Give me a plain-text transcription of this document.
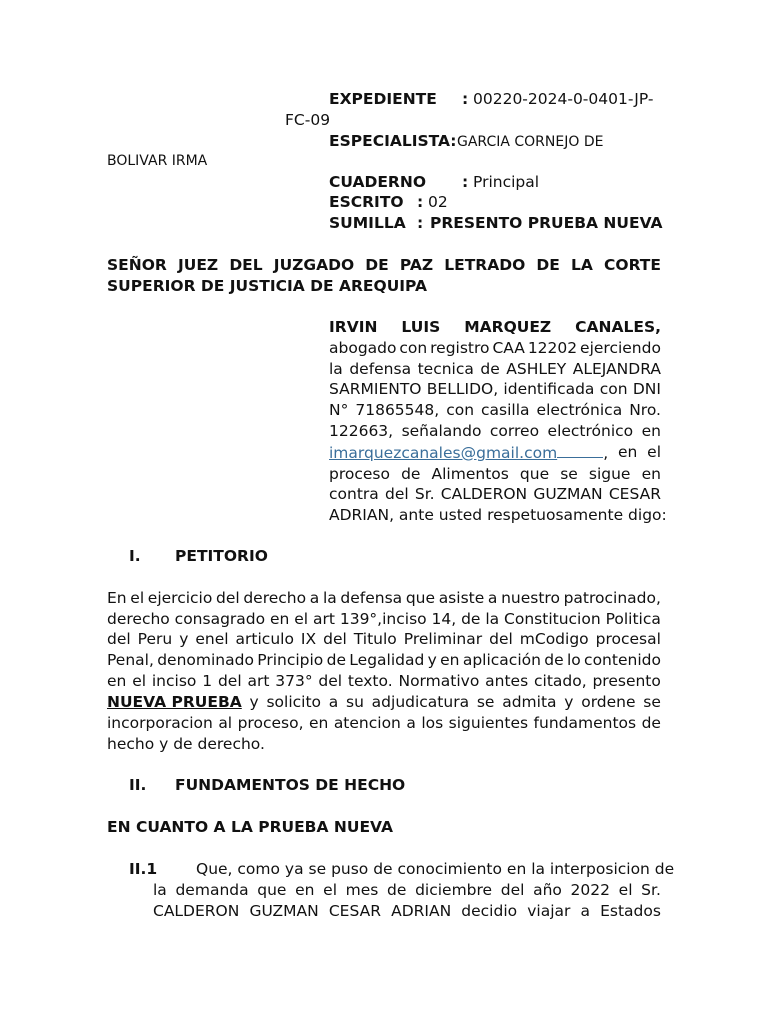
EXPEDIENTE : 00220-2024-0-0401-JP-
FC-09
ESPECIALISTA: GARCIA CORNEJO DE
BOLIVAR IRMA
CUADERNO : Principal
ESCRITO : 02
SUMILLA : PRESENTO PRUEBA NUEVA
SEÑOR JUEZ DEL JUZGADO DE PAZ LETRADO DE LA CORTE
SUPERIOR DE JUSTICIA DE AREQUIPA
IRVIN LUIS MARQUEZ CANALES,
abogado con registro CAA 12202 ejerciendo
la defensa tecnica de ASHLEY ALEJANDRA
SARMIENTO BELLIDO, identificada con DNI
N° 71865548, con casilla electrónica Nro.
122663, señalando correo electrónico en
imarquezcanales@gmail.com	, en el
proceso de Alimentos que se sigue en
contra del Sr. CALDERON GUZMAN CESAR
ADRIAN, ante usted respetuosamente digo:
I. PETITORIO
En el ejercicio del derecho a la defensa que asiste a nuestro patrocinado,
derecho consagrado en el art 139°,inciso 14, de la Constitucion Politica
del Peru y enel articulo IX del Titulo Preliminar del mCodigo procesal
Penal, denominado Principio de Legalidad y en aplicación de lo contenido
en el inciso 1 del art 373° del texto. Normativo antes citado, presento
NUEVA PRUEBA y solicito a su adjudicatura se admita y ordene se
incorporacion al proceso, en atencion a los siguientes fundamentos de
hecho y de derecho.
II. FUNDAMENTOS DE HECHO
EN CUANTO A LA PRUEBA NUEVA
II.1	Que, como ya se puso de conocimiento en la interposicion de
la demanda que en el mes de diciembre del año 2022 el Sr.
CALDERON GUZMAN CESAR ADRIAN decidio viajar a Estados
